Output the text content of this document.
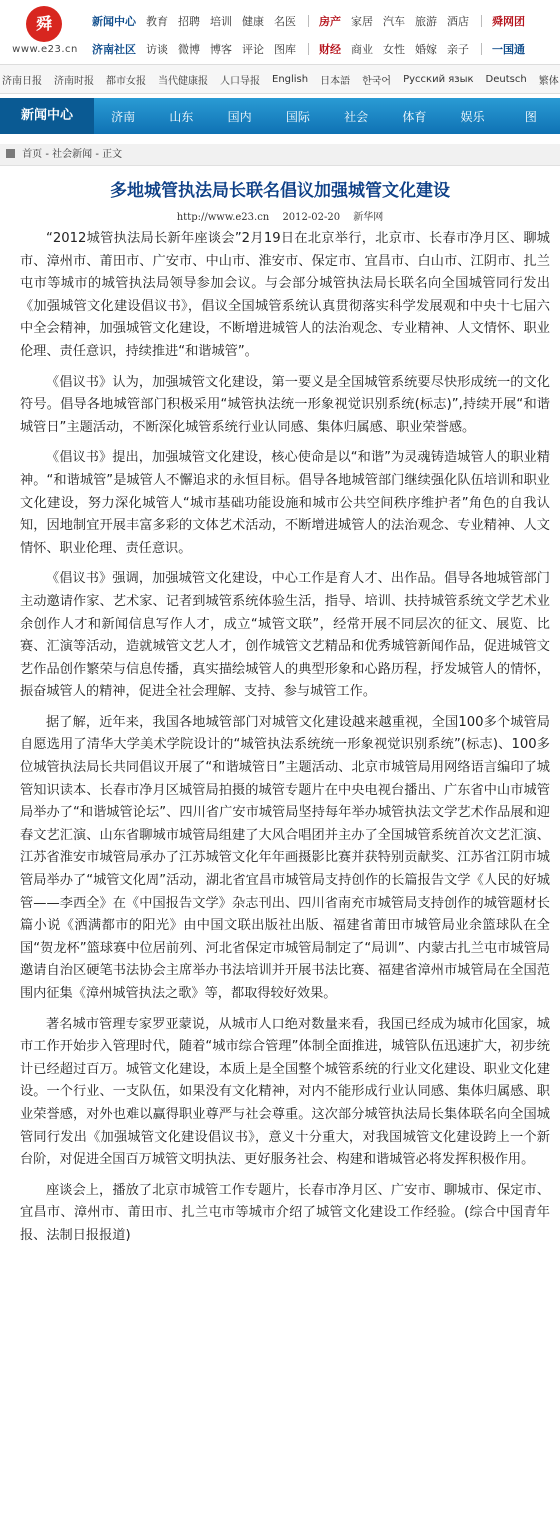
舜
www.e23.cn
新闻中心 教育 招聘 培训 健康 名医 房产 家居 汽车 旅游 酒店 舜网团
济南社区 访谈 微博 博客 评论 图库 财经 商业 女性 婚嫁 亲子 一国通
济南日报 济南时报 都市女报 当代健康报 人口导报 English 日本語 한국어 Русский язык Deutsch 繁体
新闻中心	济南	山东	国内	国际	社会	体育	娱乐	图
首页 - 社会新闻 - 正文
多地城管执法局长联名倡议加强城管文化建设
http://www.e23.cn 2012-02-20 新华网

“2012城管执法局长新年座谈会”2月19日在北京举行，北京市、长春市净月区、聊城市、漳州市、莆田市、广安市、中山市、淮安市、保定市、宜昌市、白山市、江阴市、扎兰屯市等城市的城管执法局领导参加会议。与会部分城管执法局长联名向全国城管同行发出《加强城管文化建设倡议书》，倡议全国城管系统认真贯彻落实科学发展观和中央十七届六中全会精神，加强城管文化建设，不断增进城管人的法治观念、专业精神、人文情怀、职业伦理、责任意识，持续推进“和谐城管”。

《倡议书》认为，加强城管文化建设，第一要义是全国城管系统要尽快形成统一的文化符号。倡导各地城管部门积极采用“城管执法统一形象视觉识别系统(标志)”,持续开展“和谐城管日”主题活动，不断深化城管系统行业认同感、集体归属感、职业荣誉感。

《倡议书》提出，加强城管文化建设，核心使命是以“和谐”为灵魂铸造城管人的职业精神。“和谐城管”是城管人不懈追求的永恒目标。倡导各地城管部门继续强化队伍培训和职业文化建设，努力深化城管人“城市基础功能设施和城市公共空间秩序维护者”角色的自我认知，因地制宜开展丰富多彩的文体艺术活动，不断增进城管人的法治观念、专业精神、人文情怀、职业伦理、责任意识。

《倡议书》强调，加强城管文化建设，中心工作是育人才、出作品。倡导各地城管部门主动邀请作家、艺术家、记者到城管系统体验生活，指导、培训、扶持城管系统文学艺术业余创作人才和新闻信息写作人才，成立“城管文联”，经常开展不同层次的征文、展览、比赛、汇演等活动，造就城管文艺人才，创作城管文艺精品和优秀城管新闻作品，促进城管文艺作品创作繁荣与信息传播，真实描绘城管人的典型形象和心路历程，抒发城管人的情怀，振奋城管人的精神，促进全社会理解、支持、参与城管工作。

据了解，近年来，我国各地城管部门对城管文化建设越来越重视，全国100多个城管局自愿选用了清华大学美术学院设计的“城管执法系统统一形象视觉识别系统”(标志)、100多位城管执法局长共同倡议开展了“和谐城管日”主题活动、北京市城管局用网络语言编印了城管知识读本、长春市净月区城管局拍摄的城管专题片在中央电视台播出、广东省中山市城管局举办了“和谐城管论坛”、四川省广安市城管局坚持每年举办城管执法文学艺术作品展和迎春文艺汇演、山东省聊城市城管局组建了大风合唱团并主办了全国城管系统首次文艺汇演、江苏省淮安市城管局承办了江苏城管文化年年画摄影比赛并获特别贡献奖、江苏省江阴市城管局举办了“城管文化周”活动，湖北省宜昌市城管局支持创作的长篇报告文学《人民的好城管——李西全》在《中国报告文学》杂志刊出、四川省南充市城管局支持创作的城管题材长篇小说《洒满都市的阳光》由中国文联出版社出版、福建省莆田市城管局业余篮球队在全国“贺龙杯”篮球赛中位居前列、河北省保定市城管局制定了“局训”、内蒙古扎兰屯市城管局邀请自治区硬笔书法协会主席举办书法培训并开展书法比赛、福建省漳州市城管局在全国范围内征集《漳州城管执法之歌》等，都取得较好效果。

著名城市管理专家罗亚蒙说，从城市人口绝对数量来看，我国已经成为城市化国家，城市工作开始步入管理时代，随着“城市综合管理”体制全面推进，城管队伍迅速扩大，初步统计已经超过百万。城管文化建设，本质上是全国整个城管系统的行业文化建设、职业文化建设。一个行业、一支队伍，如果没有文化精神，对内不能形成行业认同感、集体归属感、职业荣誉感，对外也难以赢得职业尊严与社会尊重。这次部分城管执法局长集体联名向全国城管同行发出《加强城管文化建设倡议书》，意义十分重大，对我国城管文化建设跨上一个新台阶，对促进全国百万城管文明执法、更好服务社会、构建和谐城管必将发挥积极作用。

座谈会上，播放了北京市城管工作专题片，长春市净月区、广安市、聊城市、保定市、宜昌市、漳州市、莆田市、扎兰屯市等城市介绍了城管文化建设工作经验。(综合中国青年报、法制日报报道)
